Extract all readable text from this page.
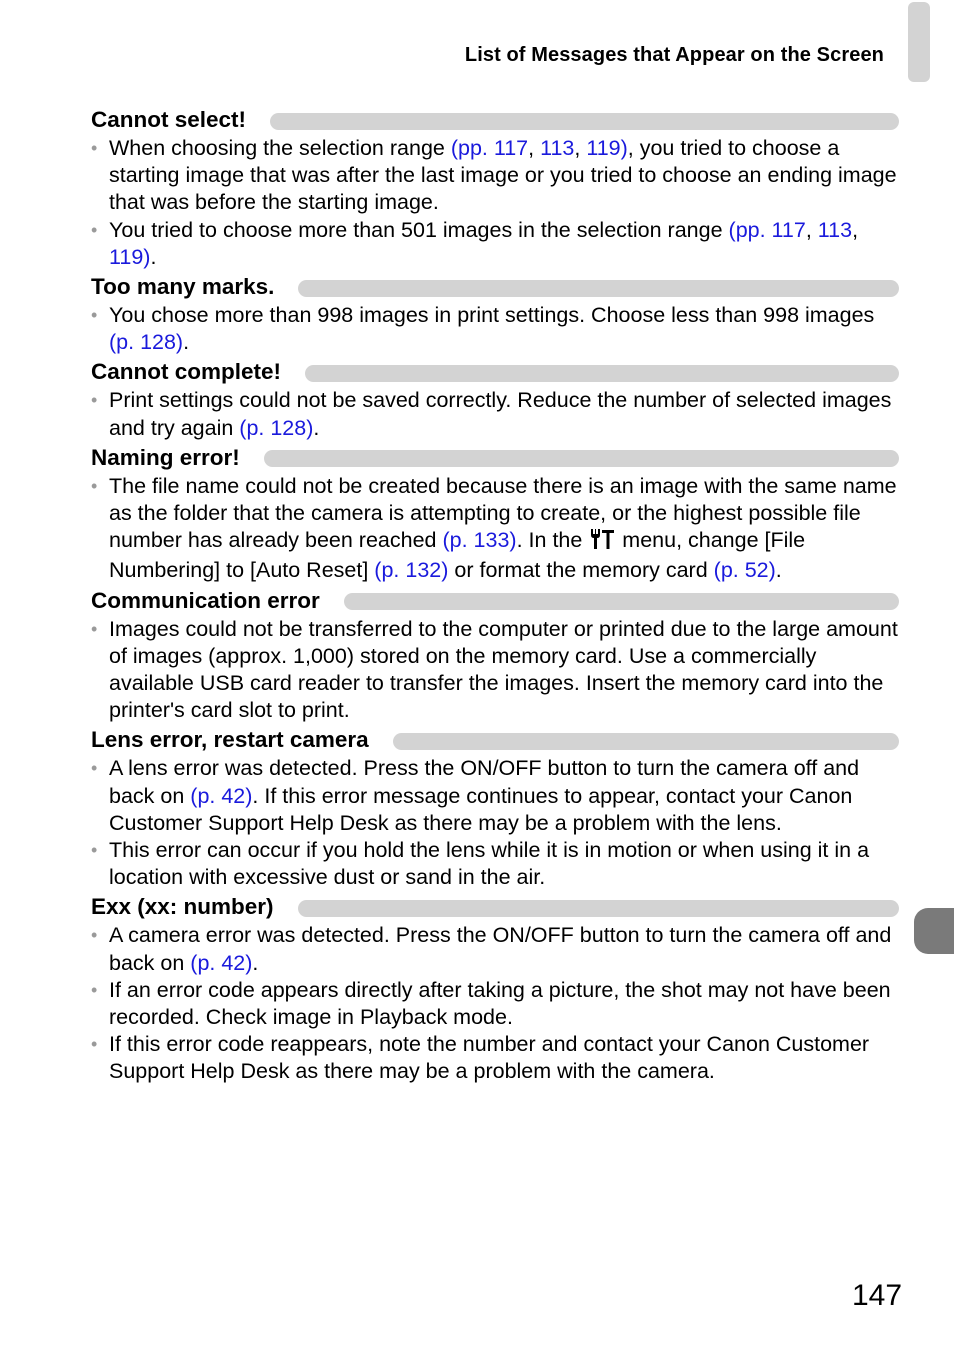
List of Messages that Appear on the Screen
Cannot select!
• When choosing the selection range (pp. 117, 113, 119), you tried to choose a starting image that was after the last image or you tried to choose an ending image that was before the starting image.
• You tried to choose more than 501 images in the selection range (pp. 117, 113, 119).
Too many marks.
• You chose more than 998 images in print settings. Choose less than 998 images (p. 128).
Cannot complete!
• Print settings could not be saved correctly. Reduce the number of selected images and try again (p. 128).
Naming error!
• The file name could not be created because there is an image with the same name as the folder that the camera is attempting to create, or the highest possible file number has already been reached (p. 133). In the  menu, change [File Numbering] to [Auto Reset] (p. 132) or format the memory card (p. 52).
Communication error
• Images could not be transferred to the computer or printed due to the large amount of images (approx. 1,000) stored on the memory card. Use a commercially available USB card reader to transfer the images. Insert the memory card into the printer's card slot to print.
Lens error, restart camera
• A lens error was detected. Press the ON/OFF button to turn the camera off and back on (p. 42). If this error message continues to appear, contact your Canon Customer Support Help Desk as there may be a problem with the lens.
• This error can occur if you hold the lens while it is in motion or when using it in a location with excessive dust or sand in the air.
Exx (xx: number)
• A camera error was detected. Press the ON/OFF button to turn the camera off and back on (p. 42).
• If an error code appears directly after taking a picture, the shot may not have been recorded. Check image in Playback mode.
• If this error code reappears, note the number and contact your Canon Customer Support Help Desk as there may be a problem with the camera.
147
